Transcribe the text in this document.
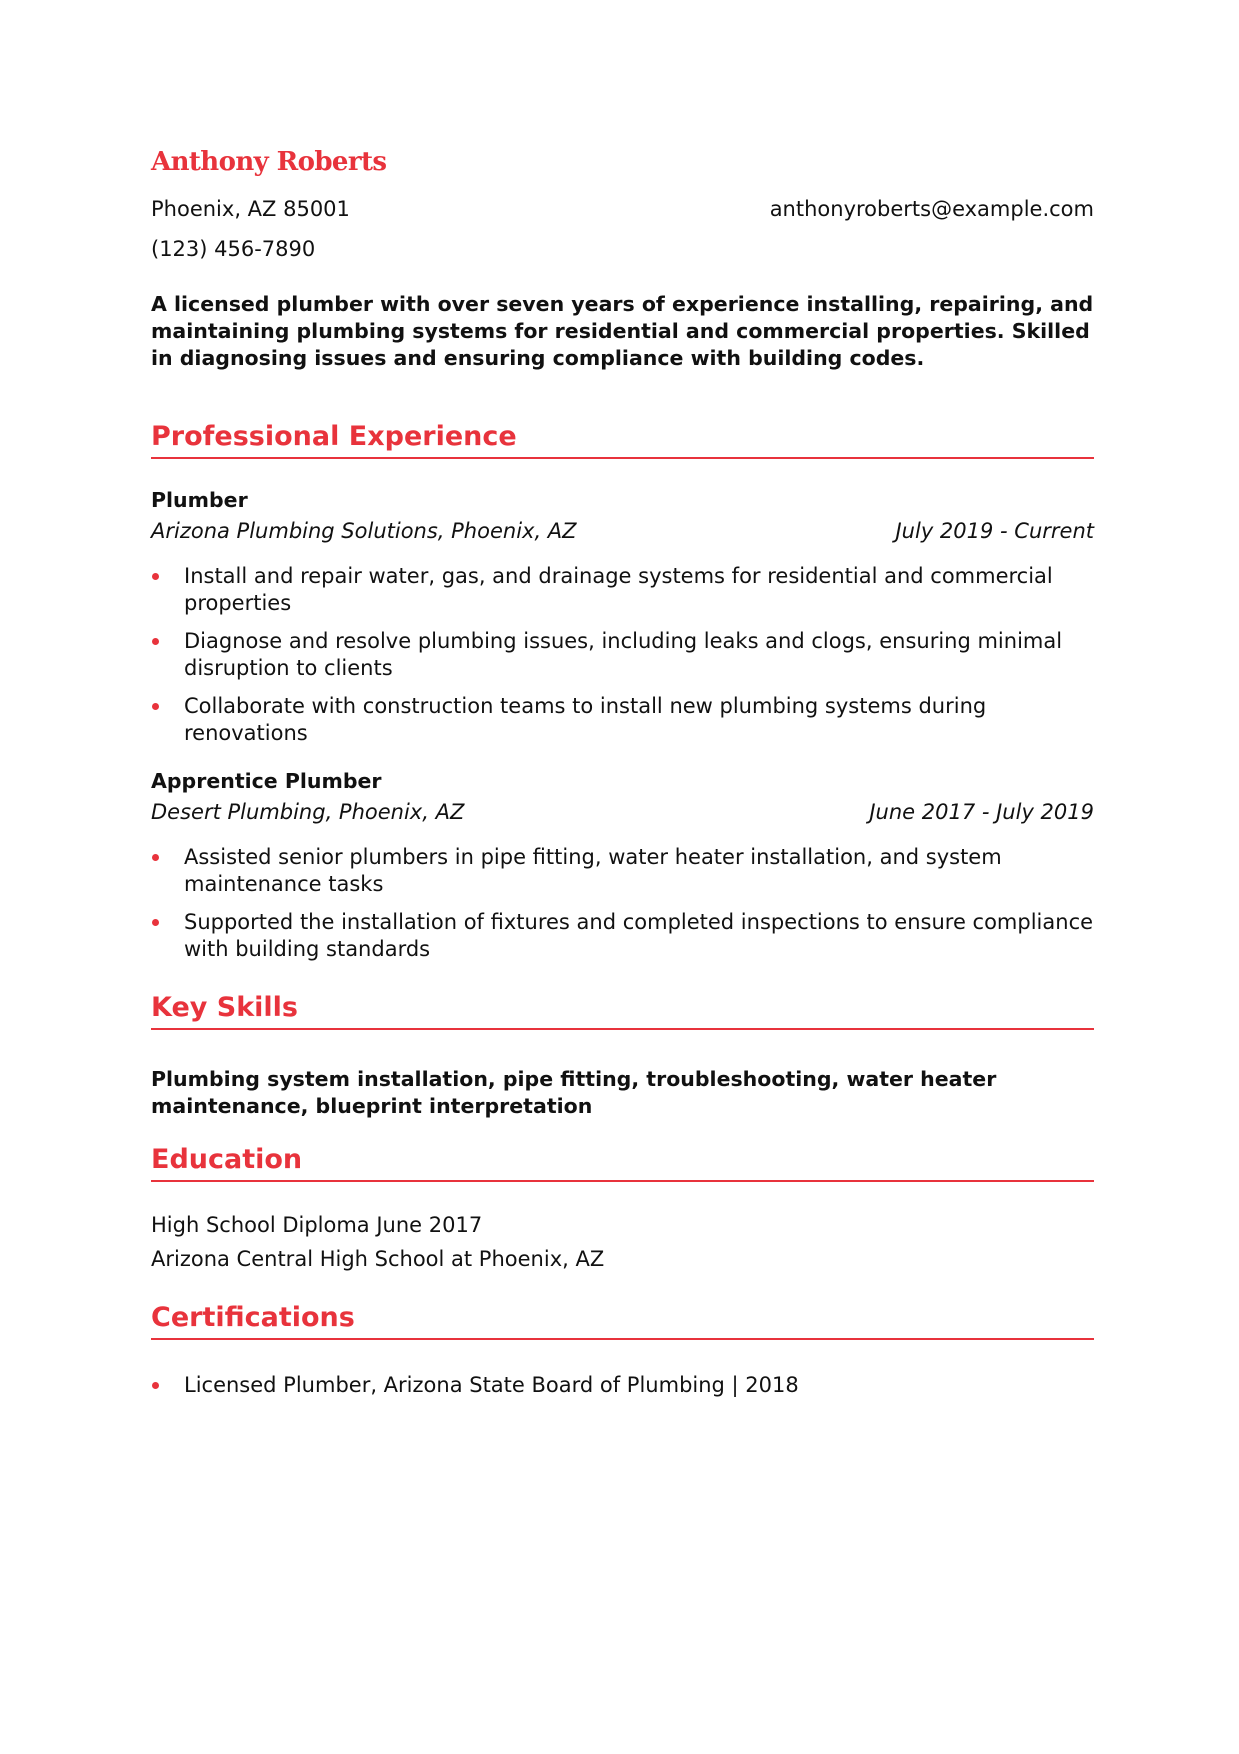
Anthony Roberts
Phoenix, AZ 85001	anthonyroberts@example.com
(123) 456-7890
A licensed plumber with over seven years of experience installing, repairing, and maintaining plumbing systems for residential and commercial properties. Skilled in diagnosing issues and ensuring compliance with building codes.
Professional Experience
Plumber
Arizona Plumbing Solutions, Phoenix, AZ	July 2019 - Current
Install and repair water, gas, and drainage systems for residential and commercial properties
Diagnose and resolve plumbing issues, including leaks and clogs, ensuring minimal disruption to clients
Collaborate with construction teams to install new plumbing systems during renovations
Apprentice Plumber
Desert Plumbing, Phoenix, AZ	June 2017 - July 2019
Assisted senior plumbers in pipe fitting, water heater installation, and system maintenance tasks
Supported the installation of fixtures and completed inspections to ensure compliance with building standards
Key Skills
Plumbing system installation, pipe fitting, troubleshooting, water heater maintenance, blueprint interpretation
Education
High School Diploma June 2017
Arizona Central High School at Phoenix, AZ
Certifications
Licensed Plumber, Arizona State Board of Plumbing | 2018
